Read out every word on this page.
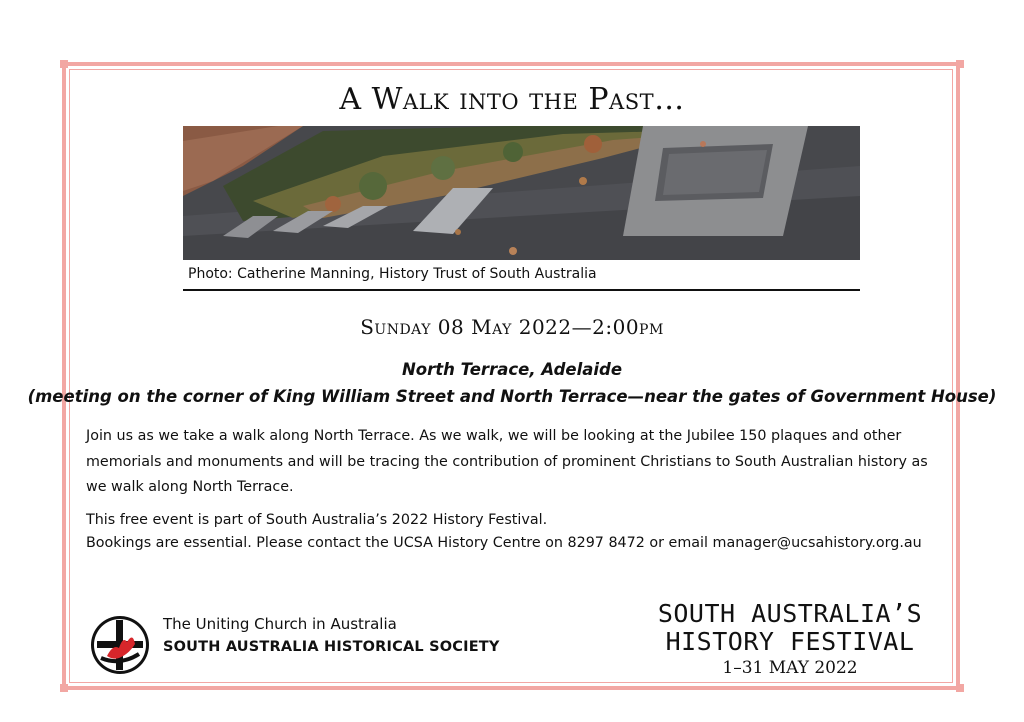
A Walk into the Past…
Photo: Catherine Manning, History Trust of South Australia
Sunday 08 May 2022—2:00pm
North Terrace, Adelaide
(meeting on the corner of King William Street and North Terrace—near the gates of Government House)

Join us as we take a walk along North Terrace. As we walk, we will be looking at the Jubilee 150 plaques and other memorials and monuments and will be tracing the contribution of prominent Christians to South Australian history as we walk along North Terrace.

This free event is part of South Australia’s 2022 History Festival.

Bookings are essential. Please contact the UCSA History Centre on 8297 8472 or email manager@ucsahistory.org.au

The Uniting Church in Australia
SOUTH AUSTRALIA HISTORICAL SOCIETY
SOUTH AUSTRALIA’S
HISTORY FESTIVAL
1–31 MAY 2022
